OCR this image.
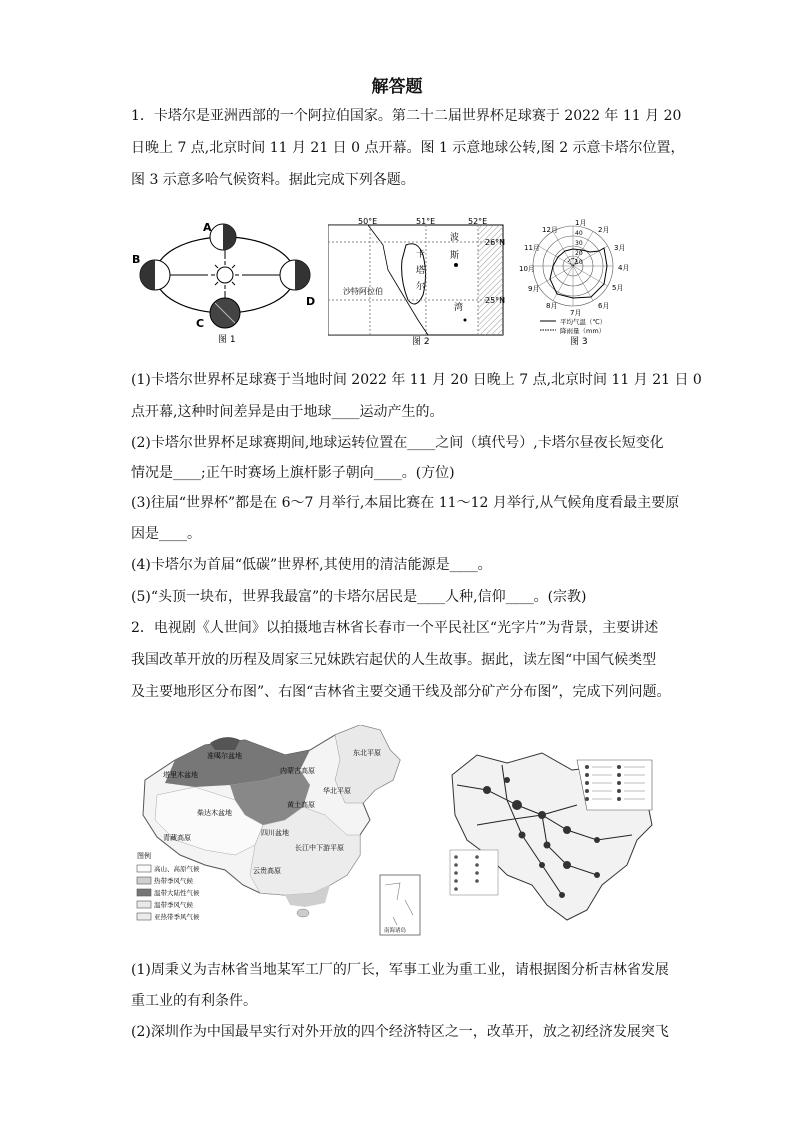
解答题
1．卡塔尔是亚洲西部的一个阿拉伯国家。第二十二届世界杯足球赛于 2022 年 11 月 20
日晚上 7 点,北京时间 11 月 21 日 0 点开幕。图 1 示意地球公转,图 2 示意卡塔尔位置，
图 3 示意多哈气候资料。据此完成下列各题。
A
B
C
D
图 1
50°E	51°E	52°E
26°N
25°N
卡
塔
尔
波
斯
湾
沙特阿拉伯
图 2
40
30
20
10
1月
2月
3月
4月
5月
6月
7月
8月
9月
10月
11月
12月
平均气温（℃）
降雨量（mm）
图 3
(1)卡塔尔世界杯足球赛于当地时间 2022 年 11 月 20 日晚上 7 点,北京时间 11 月 21 日 0
点开幕,这种时间差异是由于地球____运动产生的。
(2)卡塔尔世界杯足球赛期间,地球运转位置在____之间（填代号）,卡塔尔昼夜长短变化
情况是____;正午时赛场上旗杆影子朝向____。(方位)
(3)往届“世界杯”都是在 6～7 月举行,本届比赛在 11～12 月举行,从气候角度看最主要原
因是____。
(4)卡塔尔为首届“低碳”世界杯,其使用的清洁能源是____。
(5)“头顶一块布，世界我最富”的卡塔尔居民是____人种,信仰____。(宗教)
2．电视剧《人世间》以拍摄地吉林省长春市一个平民社区“光字片”为背景，主要讲述
我国改革开放的历程及周家三兄妹跌宕起伏的人生故事。据此，读左图“中国气候类型
及主要地形区分布图”、右图“吉林省主要交通干线及部分矿产分布图”，完成下列问题。
准噶尔盆地
塔里木盆地
柴达木盆地
青藏高原
内蒙古高原
东北平原
华北平原
黄土高原
四川盆地
长江中下游平原
云贵高原
图例
高山、高原气候
热带季风气候
温带大陆性气候
温带季风气候
亚热带季风气候
南海诸岛
(1)周秉义为吉林省当地某军工厂的厂长，军事工业为重工业，请根据图分析吉林省发展
重工业的有利条件。
(2)深圳作为中国最早实行对外开放的四个经济特区之一，改革开，放之初经济发展突飞
